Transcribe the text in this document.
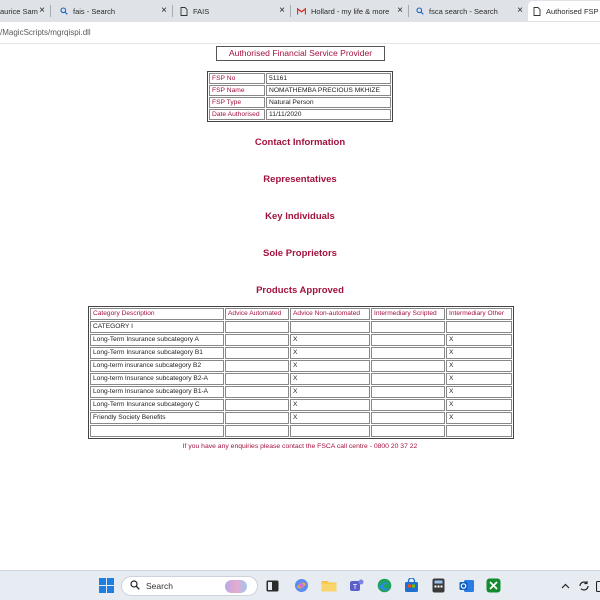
aurice Sam ×	fais - Search	×	FAIS	×	Hollard - my life & more ×	fsca search - Search ×	Authorised FSP
/MagicScripts/mgrqispi.dll
Authorised Financial Service Provider
FSP No	51161
FSP Name	NOMATHEMBA PRECIOUS MKHIZE
FSP Type	Natural Person
Date Authorised	11/11/2020
Contact Information
Representatives
Key Individuals
Sole Proprietors
Products Approved
Category Description	Advice Automated	Advice Non-automated	Intermediary Scripted	Intermediary Other
CATEGORY I				
Long-Term Insurance subcategory A		X		X
Long-Term Insurance subcategory B1		X		X
Long-term insurance subcategory B2		X		X
Long-term Insurance subcategory B2-A		X		X
Long-term Insurance subcategory B1-A		X		X
Long-Term Insurance subcategory C		X		X
Friendly Society Benefits		X		X

If you have any enquiries please contact the FSCA call centre - 0800 20 37 22
Search	T
